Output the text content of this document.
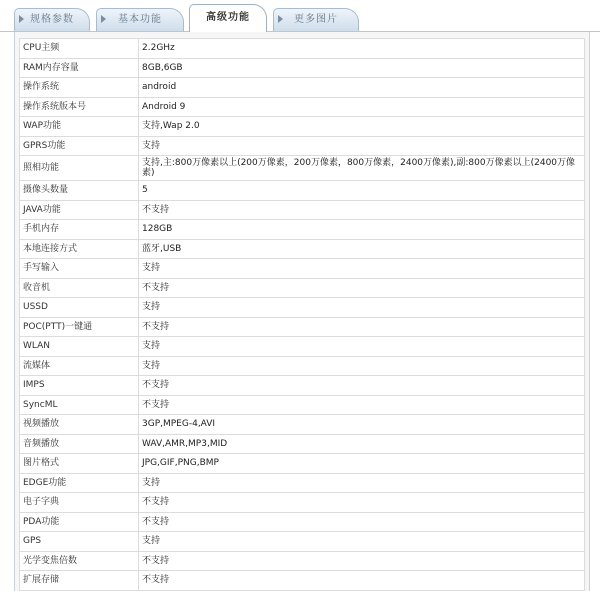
规格参数	基本功能	高级功能	更多图片
CPU主频	2.2GHz
RAM内存容量	8GB,6GB
操作系统	android
操作系统版本号	Android 9
WAP功能	支持,Wap 2.0
GPRS功能	支持
照相功能	支持,主:800万像素以上(200万像素，200万像素，800万像素，2400万像素),副:800万像素以上(2400万像素)
摄像头数量	5
JAVA功能	不支持
手机内存	128GB
本地连接方式	蓝牙,USB
手写输入	支持
收音机	不支持
USSD	支持
POC(PTT)一键通	不支持
WLAN	支持
流媒体	支持
IMPS	不支持
SyncML	不支持
视频播放	3GP,MPEG-4,AVI
音频播放	WAV,AMR,MP3,MID
图片格式	JPG,GIF,PNG,BMP
EDGE功能	支持
电子字典	不支持
PDA功能	不支持
GPS	支持
光学变焦倍数	不支持
扩展存储	不支持
